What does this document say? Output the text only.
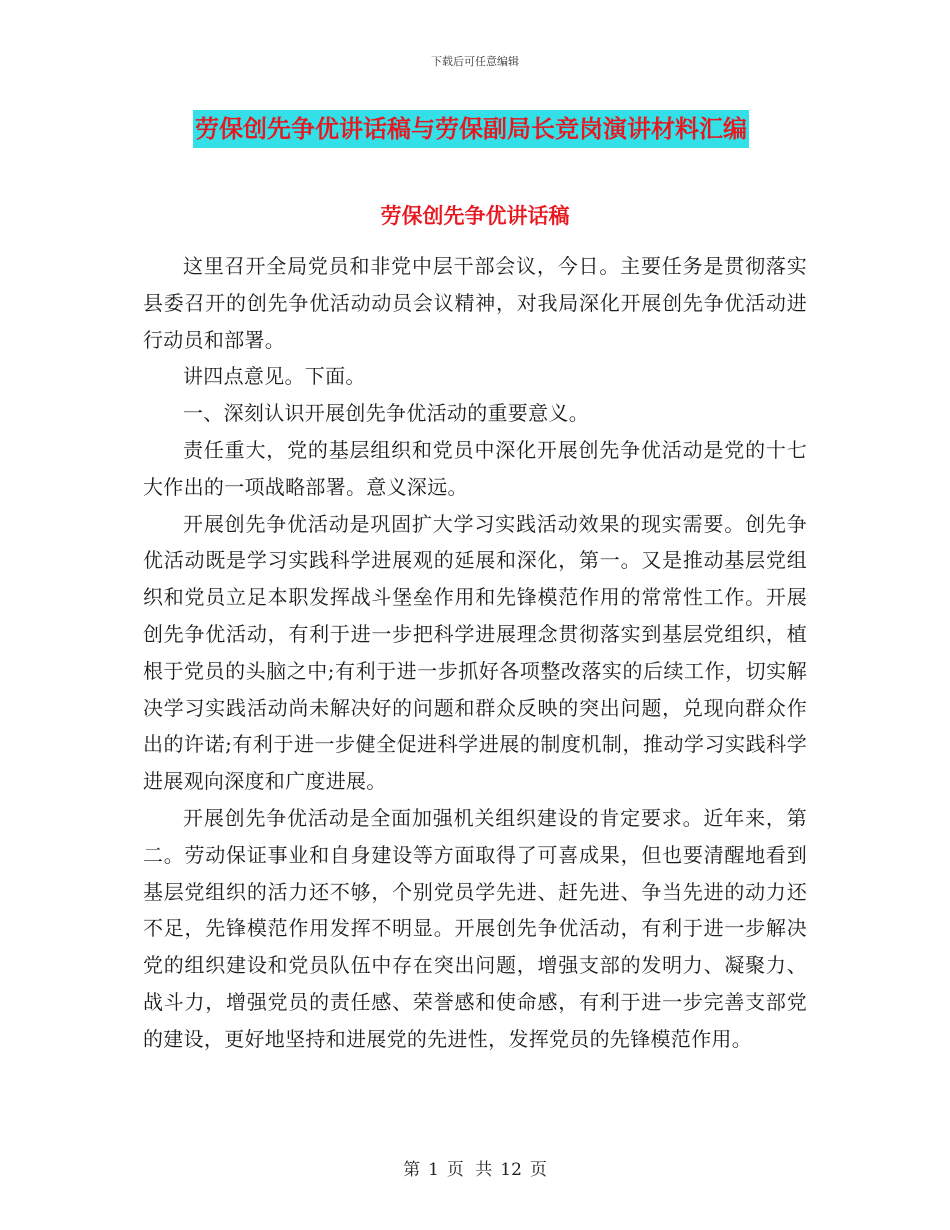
下载后可任意编辑
劳保创先争优讲话稿与劳保副局长竞岗演讲材料汇编
劳保创先争优讲话稿

这里召开全局党员和非党中层干部会议，今日。主要任务是贯彻落实县委召开的创先争优活动动员会议精神，对我局深化开展创先争优活动进行动员和部署。

讲四点意见。下面。

一、深刻认识开展创先争优活动的重要意义。

责任重大，党的基层组织和党员中深化开展创先争优活动是党的十七大作出的一项战略部署。意义深远。

开展创先争优活动是巩固扩大学习实践活动效果的现实需要。创先争优活动既是学习实践科学进展观的延展和深化，第一。又是推动基层党组织和党员立足本职发挥战斗堡垒作用和先锋模范作用的常常性工作。开展创先争优活动，有利于进一步把科学进展理念贯彻落实到基层党组织，植根于党员的头脑之中;有利于进一步抓好各项整改落实的后续工作，切实解决学习实践活动尚未解决好的问题和群众反映的突出问题，兑现向群众作出的许诺;有利于进一步健全促进科学进展的制度机制，推动学习实践科学进展观向深度和广度进展。

开展创先争优活动是全面加强机关组织建设的肯定要求。近年来，第二。劳动保证事业和自身建设等方面取得了可喜成果，但也要清醒地看到基层党组织的活力还不够，个别党员学先进、赶先进、争当先进的动力还不足，先锋模范作用发挥不明显。开展创先争优活动，有利于进一步解决党的组织建设和党员队伍中存在突出问题，增强支部的发明力、凝聚力、战斗力，增强党员的责任感、荣誉感和使命感，有利于进一步完善支部党的建设，更好地坚持和进展党的先进性，发挥党员的先锋模范作用。

第 1 页 共 12 页
